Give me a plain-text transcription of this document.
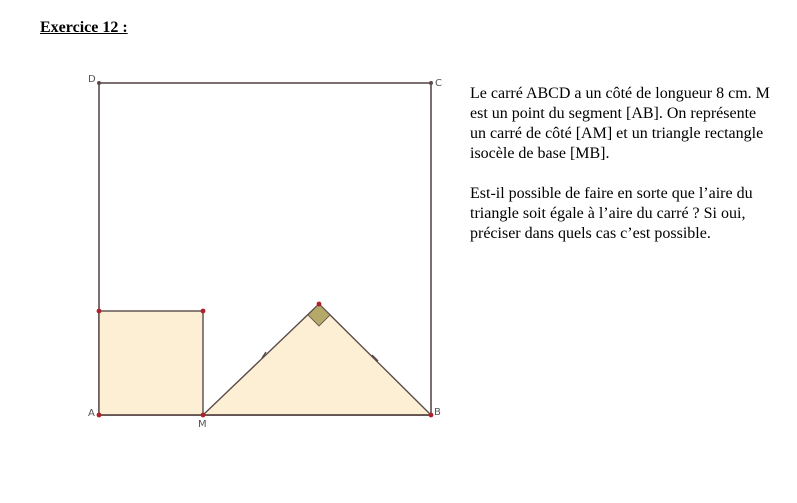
Exercice 12 :
D	C
A	B
M

Le carré ABCD a un côté de longueur 8 cm. M est un point du segment [AB]. On représente un carré de côté [AM] et un triangle rectangle isocèle de base [MB].

Est-il possible de faire en sorte que l’aire du triangle soit égale à l’aire du carré ? Si oui, préciser dans quels cas c’est possible.
